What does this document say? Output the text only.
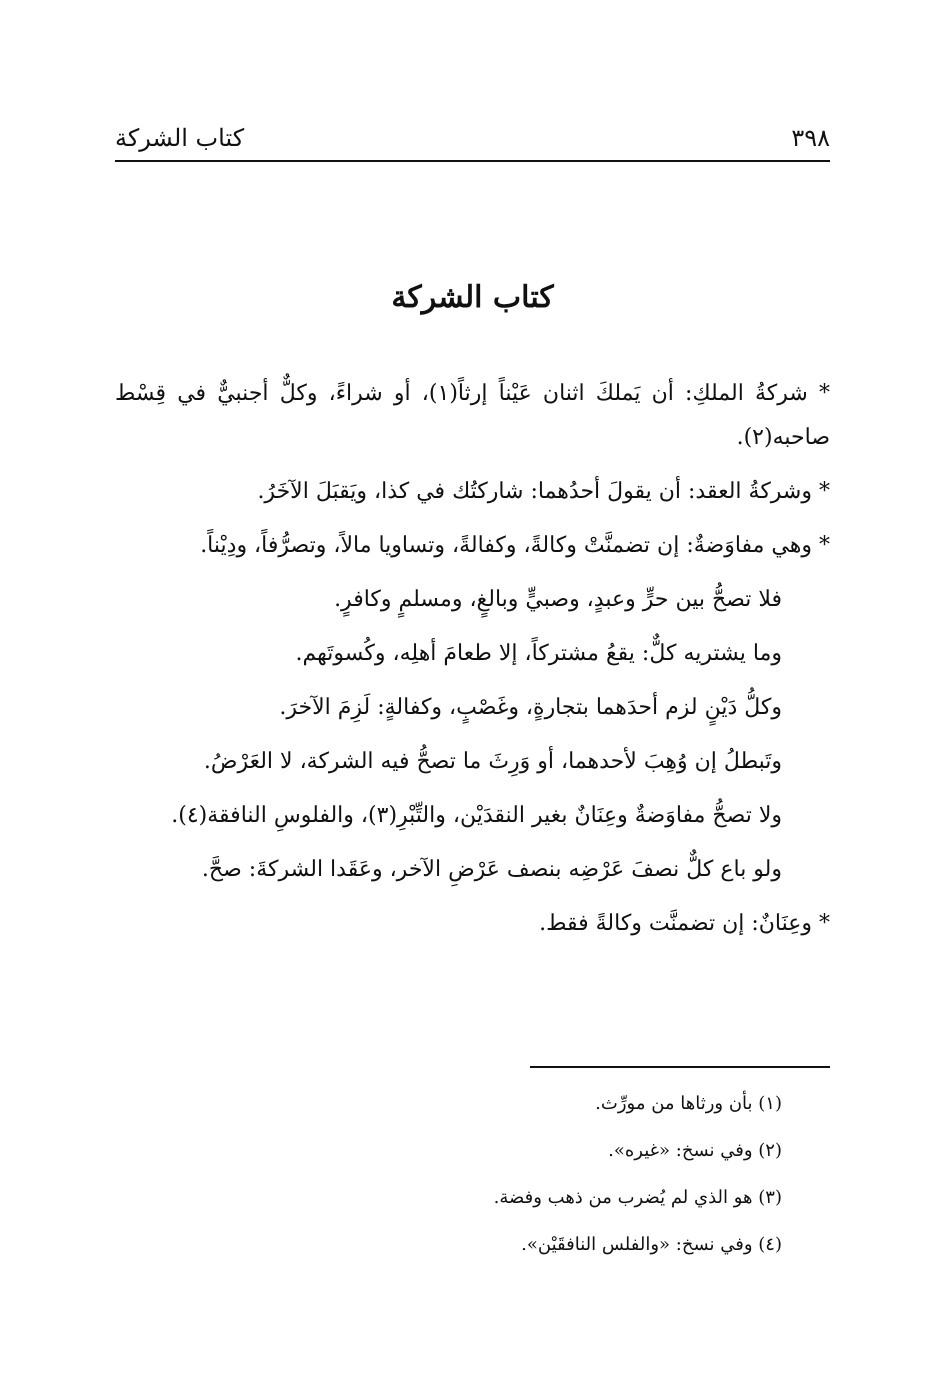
٣٩٨
كتاب الشركة
كتاب الشركة

* شركةُ الملكِ: أن يَملكَ اثنان عَيْناً إرثاً(١)، أو شراءً، وكلٌّ أجنبيٌّ في قِسْط صاحبه(٢).

* وشركةُ العقد: أن يقولَ أحدُهما: شاركتُك في كذا، ويَقبَلَ الآخَرُ.

* وهي مفاوَضةٌ: إن تضمنَّتْ وكالةً، وكفالةً، وتساويا مالاً، وتصرُّفاً، ودِيْناً.

فلا تصحُّ بين حرٍّ وعبدٍ، وصبيٍّ وبالغٍ، ومسلمٍ وكافرٍ.

وما يشتريه كلٌّ: يقعُ مشتركاً، إلا طعامَ أهلِه، وكُسوتَهم.

وكلُّ دَيْنٍ لزم أحدَهما بتجارةٍ، وغَصْبٍ، وكفالةٍ: لَزِمَ الآخرَ.

وتَبطلُ إن وُهِبَ لأحدهما، أو وَرِثَ ما تصحُّ فيه الشركة، لا العَرْضُ.

ولا تصحُّ مفاوَضةٌ وعِنَانٌ بغير النقدَيْن، والتِّبْرِ(٣)، والفلوسِ النافقة(٤).

ولو باع كلٌّ نصفَ عَرْضِه بنصف عَرْضِ الآخر، وعَقَدا الشركةَ: صحَّ.

* وعِنَانٌ: إن تضمنَّت وكالةً فقط.

(١) بأن ورثاها من مورِّث.

(٢) وفي نسخ: «غيره».

(٣) هو الذي لم يُضرب من ذهب وفضة.

(٤) وفي نسخ: «والفلس النافقَيْن».
